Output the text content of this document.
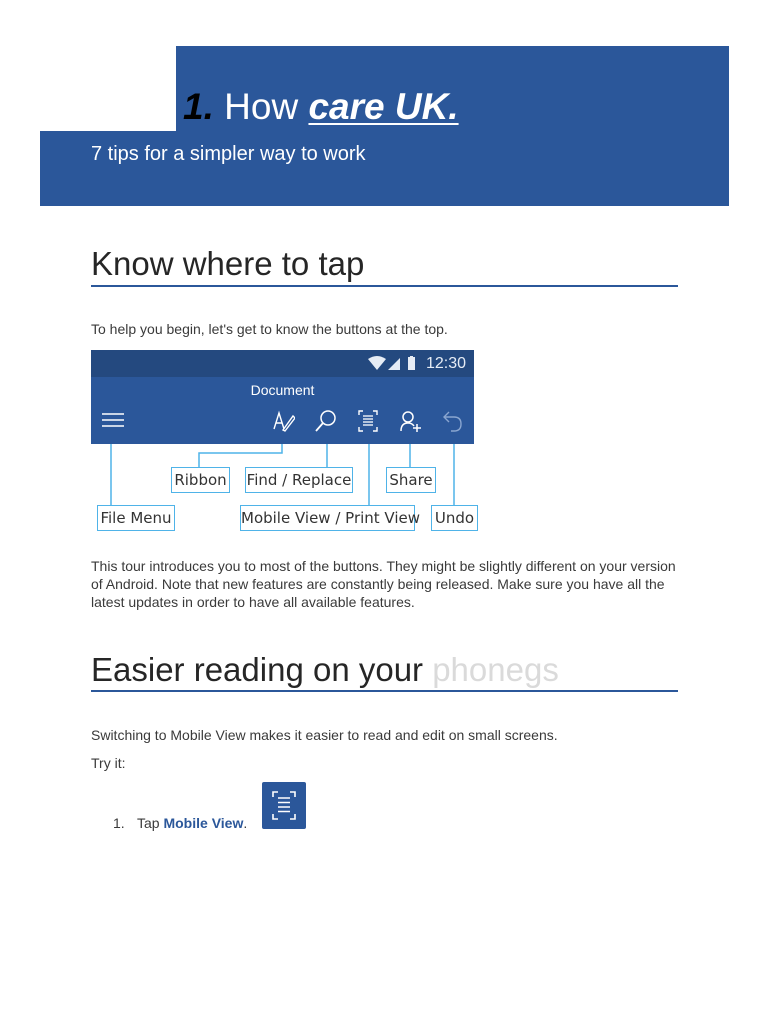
1. How care UK.
7 tips for a simpler way to work
Know where to tap
To help you begin, let's get to know the buttons at the top.
12:30
Document
Ribbon Find / Replace	Share
File Menu	Mobile View / Print View Undo
This tour introduces you to most of the buttons. They might be slightly different on your version of Android. Note that new features are constantly being released. Make sure you have all the latest updates in order to have all available features.
Easier reading on your phonegs
Switching to Mobile View makes it easier to read and edit on small screens.
Try it:
1. Tap Mobile View.
